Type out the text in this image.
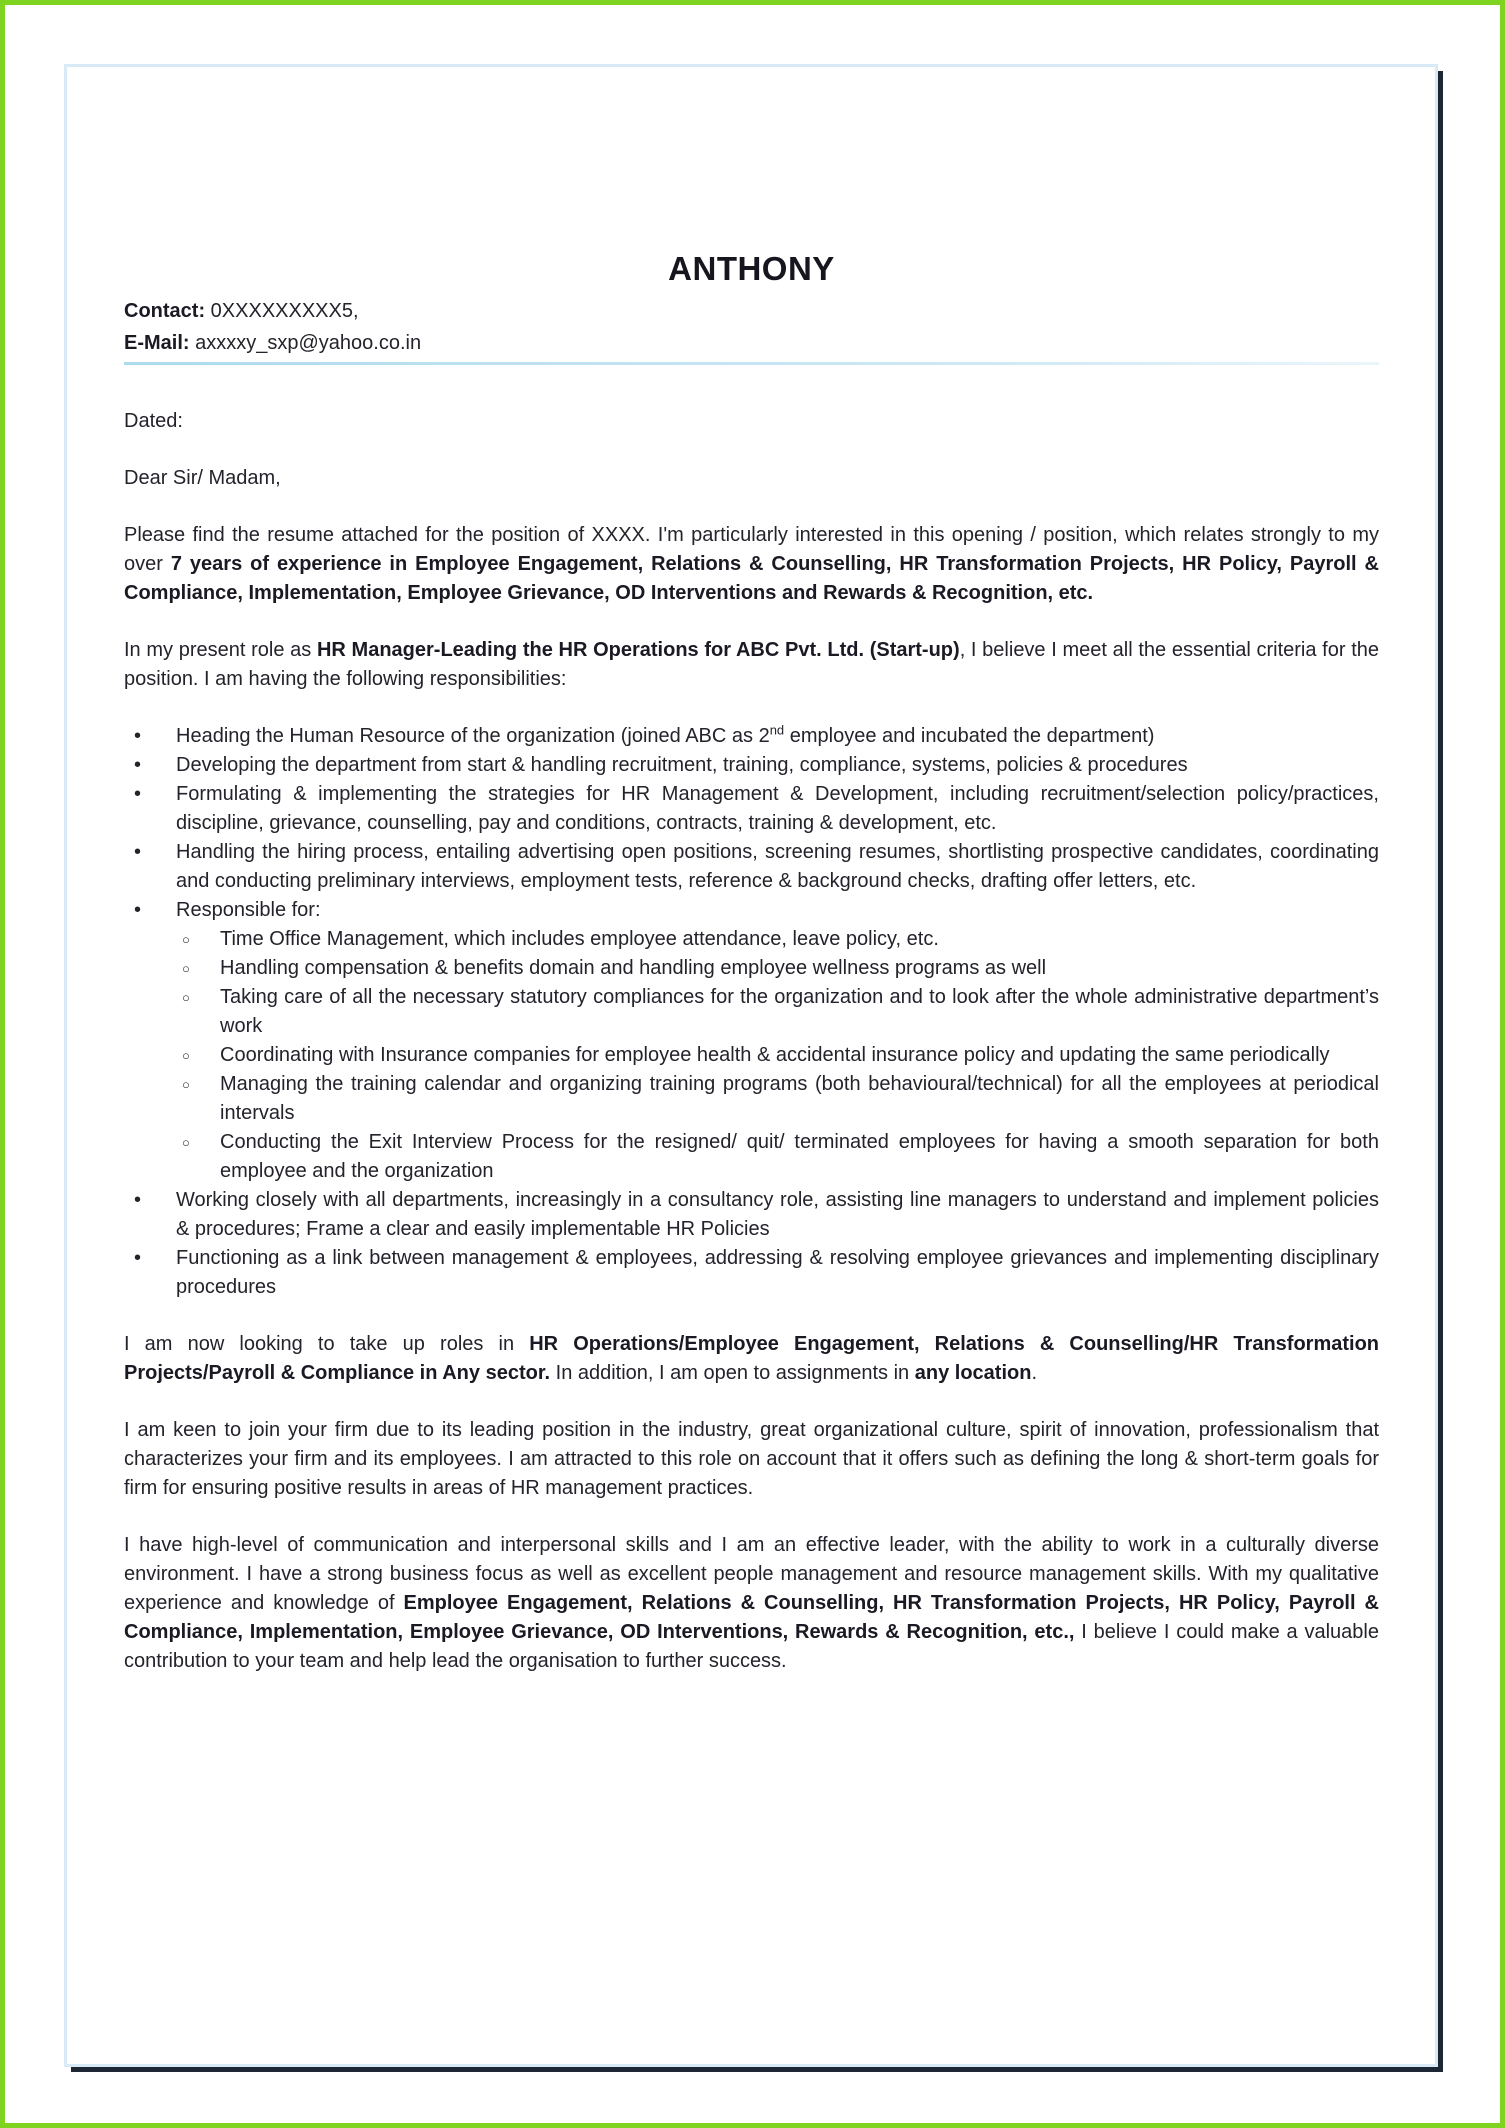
ANTHONY
Contact: 0XXXXXXXXX5,
E-Mail: axxxxy_sxp@yahoo.co.in

Dated:

Dear Sir/ Madam,

Please find the resume attached for the position of XXXX. I'm particularly interested in this opening / position, which relates strongly to my over 7 years of experience in Employee Engagement, Relations & Counselling, HR Transformation Projects, HR Policy, Payroll & Compliance, Implementation, Employee Grievance, OD Interventions and Rewards & Recognition, etc.

In my present role as HR Manager-Leading the HR Operations for ABC Pvt. Ltd. (Start-up), I believe I meet all the essential criteria for the position. I am having the following responsibilities:

• Heading the Human Resource of the organization (joined ABC as 2nd employee and incubated the department)
• Developing the department from start & handling recruitment, training, compliance, systems, policies & procedures
• Formulating & implementing the strategies for HR Management & Development, including recruitment/selection policy/practices, discipline, grievance, counselling, pay and conditions, contracts, training & development, etc.
• Handling the hiring process, entailing advertising open positions, screening resumes, shortlisting prospective candidates, coordinating and conducting preliminary interviews, employment tests, reference & background checks, drafting offer letters, etc.
• Responsible for:
○ Time Office Management, which includes employee attendance, leave policy, etc.
○ Handling compensation & benefits domain and handling employee wellness programs as well
○ Taking care of all the necessary statutory compliances for the organization and to look after the whole administrative department’s work
○ Coordinating with Insurance companies for employee health & accidental insurance policy and updating the same periodically
○ Managing the training calendar and organizing training programs (both behavioural/technical) for all the employees at periodical intervals
○ Conducting the Exit Interview Process for the resigned/ quit/ terminated employees for having a smooth separation for both employee and the organization
• Working closely with all departments, increasingly in a consultancy role, assisting line managers to understand and implement policies & procedures; Frame a clear and easily implementable HR Policies
• Functioning as a link between management & employees, addressing & resolving employee grievances and implementing disciplinary procedures

I am now looking to take up roles in HR Operations/Employee Engagement, Relations & Counselling/HR Transformation Projects/Payroll & Compliance in Any sector. In addition, I am open to assignments in any location.

I am keen to join your firm due to its leading position in the industry, great organizational culture, spirit of innovation, professionalism that characterizes your firm and its employees. I am attracted to this role on account that it offers such as defining the long & short-term goals for firm for ensuring positive results in areas of HR management practices.

I have high-level of communication and interpersonal skills and I am an effective leader, with the ability to work in a culturally diverse environment. I have a strong business focus as well as excellent people management and resource management skills. With my qualitative experience and knowledge of Employee Engagement, Relations & Counselling, HR Transformation Projects, HR Policy, Payroll & Compliance, Implementation, Employee Grievance, OD Interventions, Rewards & Recognition, etc., I believe I could make a valuable contribution to your team and help lead the organisation to further success.
